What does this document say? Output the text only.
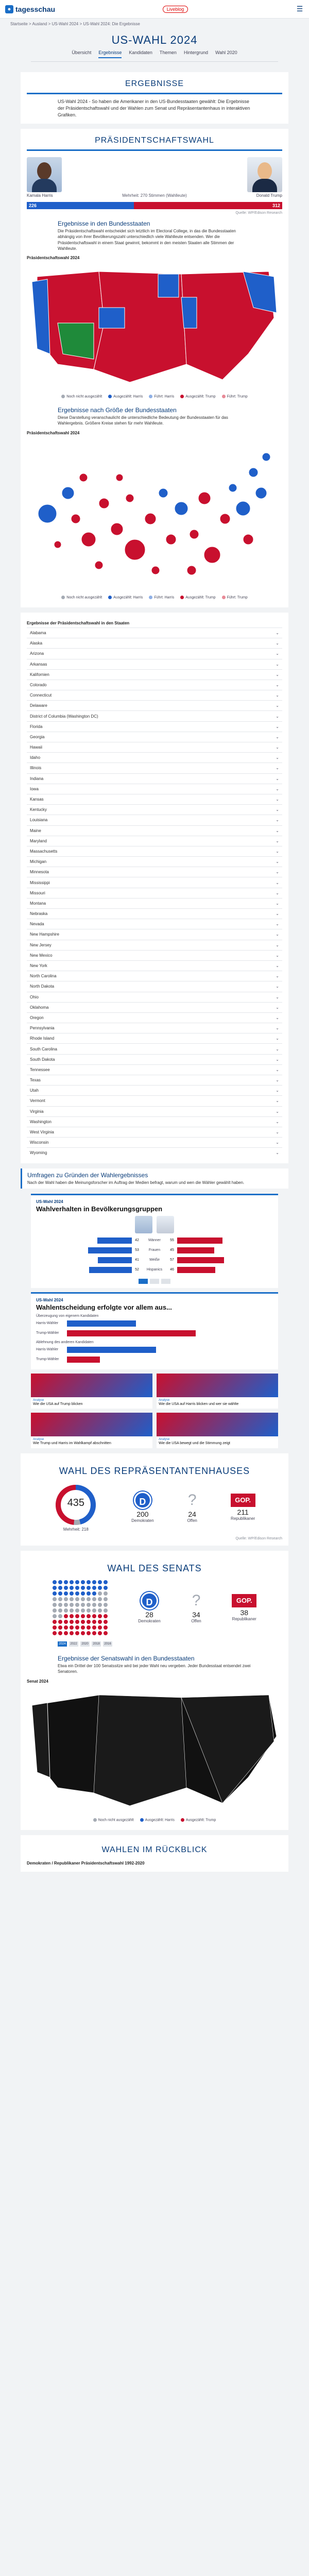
● tagesschau	Liveblog	☰
Startseite > Ausland > US-Wahl 2024 > US-Wahl 2024: Die Ergebnisse
US-WAHL 2024
Übersicht Ergebnisse Kandidaten Themen Hintergrund Wahl 2020
ERGEBNISSE
US-Wahl 2024 - So haben die Amerikaner in den US-Bundesstaaten gewählt: Die Ergebnisse der Präsidentschaftswahl und der Wahlen zum Senat und Repräsentantenhaus in interaktiven Grafiken.
PRÄSIDENTSCHAFTSWAHL
Kamala Harris	Mehrheit: 270 Stimmen (Wahlleute)	Donald Trump
226	312
Quelle: WP/Edison Research
Ergebnisse in den Bundesstaaten
Die Präsidentschaftswahl entscheidet sich letztlich im Electoral College, in das die Bundesstaaten abhängig von ihrer Bevölkerungszahl unterschiedlich viele Wahlleute entsenden. Wer die Präsidentschaftswahl in einem Staat gewinnt, bekommt in den meisten Staaten alle Stimmen der Wahlleute.
Präsidentschaftswahl 2024
Noch nicht ausgezählt	Ausgezählt: Harris	Führt: Harris	Ausgezählt: Trump	Führt: Trump
Ergebnisse nach Größe der Bundesstaaten
Diese Darstellung veranschaulicht die unterschiedliche Bedeutung der Bundesstaaten für das Wahlergebnis. Größere Kreise stehen für mehr Wahlleute.
Präsidentschaftswahl 2024
Noch nicht ausgezählt	Ausgezählt: Harris	Führt: Harris	Ausgezählt: Trump	Führt: Trump
Ergebnisse der Präsidentschaftswahl in den Staaten
Alabama	⌄
Alaska	⌄
Arizona	⌄
Arkansas	⌄
Kalifornien	⌄
Colorado	⌄
Connecticut	⌄
Delaware	⌄
District of Columbia (Washington DC)	⌄
Florida	⌄
Georgia	⌄
Hawaii	⌄
Idaho	⌄
Illinois	⌄
Indiana	⌄
Iowa	⌄
Kansas	⌄
Kentucky	⌄
Louisiana	⌄
Maine	⌄
Maryland	⌄
Massachusetts	⌄
Michigan	⌄
Minnesota	⌄
Mississippi	⌄
Missouri	⌄
Montana	⌄
Nebraska	⌄
Nevada	⌄
New Hampshire	⌄
New Jersey	⌄
New Mexico	⌄
New York	⌄
North Carolina	⌄
North Dakota	⌄
Ohio	⌄
Oklahoma	⌄
Oregon	⌄
Pennsylvania	⌄
Rhode Island	⌄
South Carolina	⌄
South Dakota	⌄
Tennessee	⌄
Texas	⌄
Utah	⌄
Vermont	⌄
Virginia	⌄
Washington	⌄
West Virginia	⌄
Wisconsin	⌄
Wyoming	⌄
Umfragen zu Gründen der Wahlergebnisses
Nach der Wahl haben die Meinungsforscher im Auftrag der Medien befragt, warum und wen die Wähler gewählt haben.
US-Wahl 2024
Wahlverhalten in Bevölkerungsgruppen
42	Männer	55
53	Frauen	45
41	Weiße	57
52	Hispanics	46
US-Wahl 2024
Wahlentscheidung erfolgte vor allem aus...
Überzeugung von eigenem Kandidaten
Harris-Wähler
Trump-Wähler
Ablehnung des anderen Kandidaten
Harris-Wähler
Trump-Wähler
Analyse
Wie die USA auf Trump blicken
Analyse
Wie die USA auf Harris blicken und wer sie wählte
Analyse
Wie Trump und Harris im Wahlkampf abschnitten
Analyse
Wie die USA bewegt und die Stimmung zeigt
WAHL DES REPRÄSENTANTENHAUSES
435
Mehrheit: 218
D
200
Demokraten
?
24
Offen
GOP.
211
Republikaner
Quelle: WP/Edison Research
WAHL DES SENATS
D
28
Demokraten
?
34
Offen
GOP.
38
Republikaner
2024	2022	2020	2018	2016
Ergebnisse der Senatswahl in den Bundesstaaten
Etwa ein Drittel der 100 Senatssitze wird bei jeder Wahl neu vergeben. Jeder Bundesstaat entsendet zwei Senatoren.
Senat 2024
Noch nicht ausgezählt	Ausgezählt: Harris	Ausgezählt: Trump
WAHLEN IM RÜCKBLICK
Demokraten / Republikaner Präsidentschaftswahl 1992-2020
